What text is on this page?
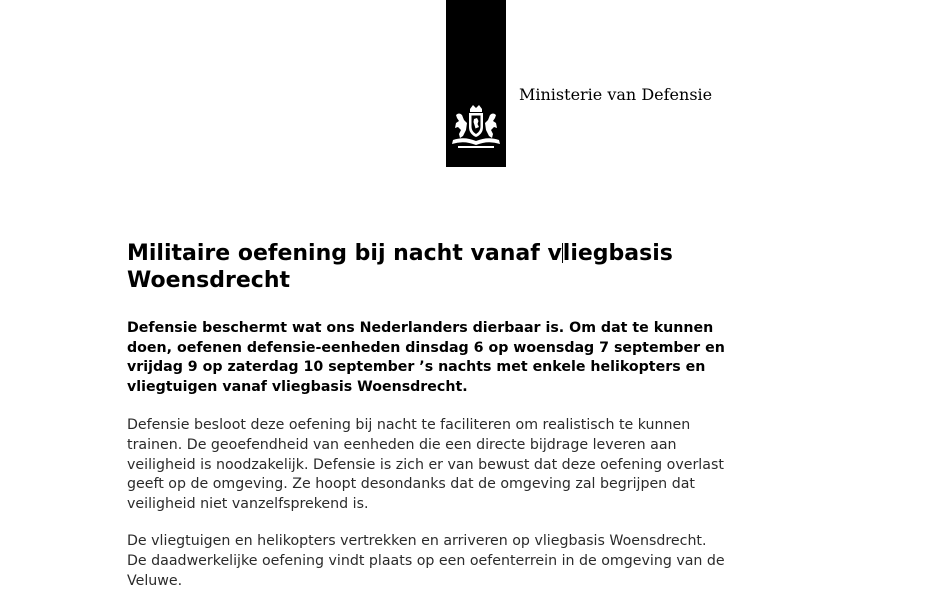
Ministerie van Defensie
Militaire oefening bij nacht vanaf vliegbasis Woensdrecht

Defensie beschermt wat ons Nederlanders dierbaar is. Om dat te kunnen doen, oefenen defensie-eenheden dinsdag 6 op woensdag 7 september en vrijdag 9 op zaterdag 10 september ’s nachts met enkele helikopters en vliegtuigen vanaf vliegbasis Woensdrecht.

Defensie besloot deze oefening bij nacht te faciliteren om realistisch te kunnen trainen. De geoefendheid van eenheden die een directe bijdrage leveren aan veiligheid is noodzakelijk. Defensie is zich er van bewust dat deze oefening overlast geeft op de omgeving. Ze hoopt desondanks dat de omgeving zal begrijpen dat veiligheid niet vanzelfsprekend is.

De vliegtuigen en helikopters vertrekken en arriveren op vliegbasis Woensdrecht. De daadwerkelijke oefening vindt plaats op een oefenterrein in de omgeving van de Veluwe.
